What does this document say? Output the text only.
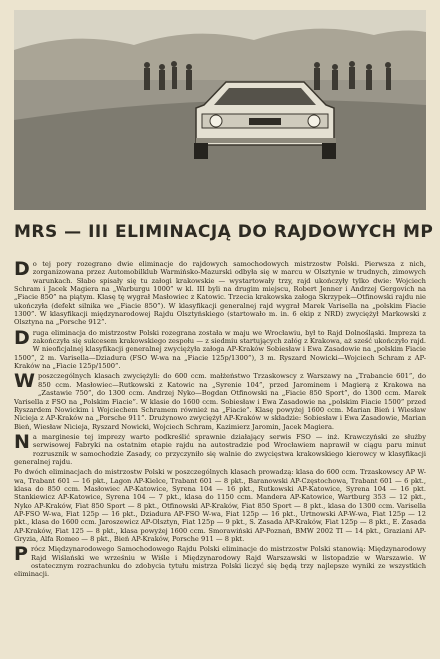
MRS — III ELIMINACJĄ DO RAJDOWYCH MP

Do tej pory rozegrano dwie eliminacje do rajdowych samochodowych mistrzostw Polski. Pierwsza z nich, zorganizowana przez Automobilklub Warmińsko-Mazurski odbyła się w marcu w Olsztynie w trudnych, zimowych warunkach. Słabo spisały się tu załogi krakowskie — wystartowały trzy, rajd ukończyły tylko dwie: Wojciech Schram i Jacek Magiera na „Warburgu 1000” w kl. III byli na drugim miejscu, Robert Jenner i Andrzej Gergovich na „Fiacie 850” na piątym. Klasę tę wygrał Masłowiec z Katowic. Trzecia krakowska załoga Skrzypek—Otfinowski rajdu nie ukończyła (defekt silnika we „Fiacie 850”). W klasyfikacji generalnej rajd wygrał Marek Varisella na „polskim Fiacie 1300”. W klasyfikacji międzynarodowej Rajdu Olsztyńskiego (startowało m. in. 6 ekip z NRD) zwyciężył Markowski z Olsztyna na „Porsche 912”.

Druga eliminacja do mistrzostw Polski rozegrana została w maju we Wrocławiu, był to Rajd Dolnośląski. Impreza ta zakończyła się sukcesem krakowskiego zespołu — z siedmiu startujących załóg z Krakowa, aż sześć ukończyło rajd. W nieoficjalnej klasyfikacji generalnej zwyciężyła załoga AP-Kraków Sobiesław i Ewa Zasadowie na „polskim Fiacie 1500”, 2 m. Varisella—Dziadura (FSO W-wa na „Fiacie 125p/1300”), 3 m. Ryszard Nowicki—Wojciech Schram z AP-Kraków na „Fiacie 125p/1500”.

Wposzczególnych klasach zwyciężyli: do 600 ccm. małżeństwo Trzaskowscy z Warszawy na „Trabancie 601”, do 850 ccm. Masłowiec—Rutkowski z Katowic na „Syrenie 104”, przed Jarominem i Magierą z Krakowa na „Zastawie 750”, do 1300 ccm. Andrzej Nyko—Bogdan Otfinowski na „Fiacie 850 Sport”, do 1300 ccm. Marek Varisella z FSO na „Polskim Fiacie”. W klasie do 1600 ccm. Sobiesław i Ewa Zasadowie na „polskim Fiacie 1500” przed Ryszardem Nowickim i Wojciechem Schramem również na „Fiacie”. Klasę powyżej 1600 ccm. Marian Bień i Wiesław Niciejа z AP-Kraków na „Porsche 911”. Drużynowo zwyciężył AP-Kraków w składzie: Sobiesław i Ewa Zasadowie, Marian Bień, Wiesław Niciejа, Ryszard Nowicki, Wojciech Schram, Kazimierz Jaromin, Jacek Magiera.

Na marginesie tej imprezy warto podkreślić sprawnie działający serwis FSO — inż. Krawczyński ze służby serwisowej Fabryki na ostatnim etapie rajdu na autostradzie pod Wrocławiem naprawił w ciągu paru minut rozrusznik w samochodzie Zasady, co przyczyniło się walnie do zwycięstwa krakowskiego kierowcy w klasyfikacji generalnej rajdu.

Po dwóch eliminacjach do mistrzostw Polski w poszczególnych klasach prowadzą: klasa do 600 ccm. Trzaskowscy AP W-wa, Trabant 601 — 16 pkt., Lagon AP-Kielce, Trabant 601 — 8 pkt., Baranowski AP-Częstochowa, Trabant 601 — 6 pkt., klasa do 850 ccm. Masłowiec AP-Katowice, Syrena 104 — 16 pkt., Rutkowski AP-Katowice, Syrena 104 — 16 pkt. Stankiewicz AP-Katowice, Syrena 104 — 7 pkt., klasa do 1150 ccm. Mandera AP-Katowice, Wartburg 353 — 12 pkt., Nyko AP-Kraków, Fiat 850 Sport — 8 pkt., Otfinowski AP-Kraków, Fiat 850 Sport — 8 pkt., klasa do 1300 ccm. Varisella AP-FSO W-wa, Fiat 125p — 16 pkt., Dziadura AP-FSO W-wa, Fiat 125p — 16 pkt., Urtnowski AP-W-wa, Fiat 125p — 12 pkt., klasa do 1600 ccm. Jaroszewicz AP-Olsztyn, Fiat 125p — 9 pkt., S. Zasada AP-Kraków, Fiat 125p — 8 pkt., E. Zasada AP-Kraków, Fiat 125 — 8 pkt., klasa powyżej 1600 ccm. Smorawiński AP-Poznań, BMW 2002 TI — 14 pkt., Graziani AP-Gryzia, Alfa Romeo — 8 pkt., Bień AP-Kraków, Porsche 911 — 8 pkt.

Prócz Międzynarodowego Samochodowego Rajdu Polski eliminacje do mistrzostw Polski stanowią: Międzynarodowy Rajd Wiślański we wrześniu w Wiśle i Międzynarodowy Rajd Warszawski w listopadzie w Warszawie. W ostatecznym rozrachunku do zdobycia tytułu mistrza Polski liczyć się będą trzy najlepsze wyniki ze wszystkich eliminacji.
